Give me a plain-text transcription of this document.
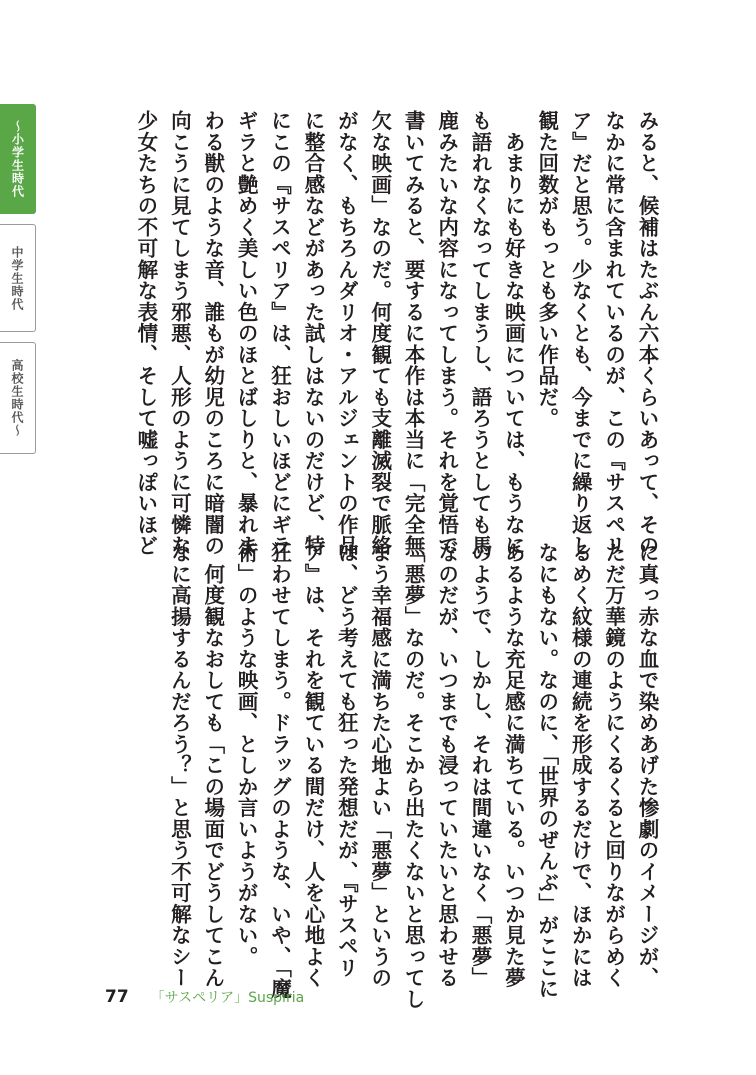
〜小学生時代
中学生時代
高校生時代〜	みると、候補はたぶん六本くらいあって、その
なかに常に含まれているのが、この『サスペリ
ア』だと思う。少なくとも、今までに繰り返し
観た回数がもっとも多い作品だ。
　あまりにも好きな映画については、もうなに
も語れなくなってしまうし、語ろうとしても馬
鹿みたいな内容になってしまう。それを覚悟で
書いてみると、要するに本作は本当に「完全無
欠な映画」なのだ。何度観ても支離滅裂で脈絡
がなく、もちろんダリオ・アルジェントの作品
に整合感などがあった試しはないのだけど、特
にこの『サスペリア』は、狂おしいほどにギラ
ギラと艶めく美しい色のほとばしりと、暴れま
わる獣のような音、誰もが幼児のころに暗闇の
向こうに見てしまう邪悪、人形のように可憐な
少女たちの不可解な表情、そして嘘っぽいほど
に真っ赤な血で染めあげた惨劇のイメージが、
ただ万華鏡のようにくるくると回りながらめく
るめく紋様の連続を形成するだけで、ほかには
なにもない。なのに、「世界のぜんぶ」がここに
あるような充足感に満ちている。いつか見た夢
のようで、しかし、それは間違いなく「悪夢」
なのだが、いつまでも浸っていたいと思わせる
「悪夢」なのだ。そこから出たくないと思ってし
まう幸福感に満ちた心地よい「悪夢」というの
は、どう考えても狂った発想だが、『サスペリ
ア』は、それを観ている間だけ、人を心地よく
狂わせてしまう。ドラッグのような、いや、「魔
術」のような映画、としか言いようがない。
　何度観なおしても「この場面でどうしてこん
なに高揚するんだろう？」と思う不可解なシー
77 「サスペリア」Suspiria
